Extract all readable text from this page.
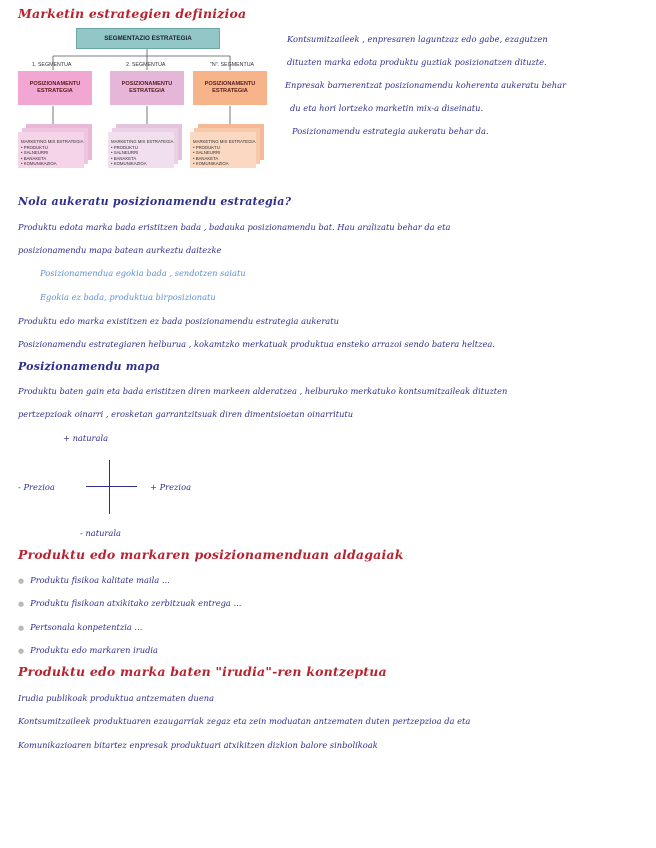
Marketin estrategien definizioa
SEGMENTAZIO ESTRATEGIA
1. SEGMENTUA	2. SEGMENTUA	"N". SEGMENTUA
POSIZIONAMENTU ESTRATEGIA
POSIZIONAMENTU ESTRATEGIA
POSIZIONAMENTU ESTRATEGIA
MARKETING MIX ESTRATEGIA
• PRODUKTU
• SALNEURRI
• BANAKETA
• KOMUNIKAZIOA
MARKETING MIX ESTRATEGIA
• PRODUKTU
• SALNEURRI
• BANAKETA
• KOMUNIKAZIOA
MARKETING MIX ESTRATEGIA
• PRODUKTU
• SALNEURRI
• BANAKETA
• KOMUNIKAZIOA
Kontsumitzaileek , enpresaren laguntzaz edo gabe, ezagutzen
dituzten marka edota produktu guztiak posizionatzen dituzte.
Enpresak barnerentzat posizionamendu koherenta aukeratu behar
du eta hori lortzeko marketin mix-a diseinatu.
Posizionamendu estrategia aukeratu behar da.
Nola aukeratu posizionamendu estrategia?
Produktu edota marka bada eristitzen bada , badauka posizionamendu bat. Hau aralizatu behar da eta
posizionamendu mapa batean aurkeztu daitezke
Posizionamendua egokia bada , sendotzen saiatu
Egokia ez bada, produktua birposizionatu
Produktu edo marka existitzen ez bada posizionamendu estrategia aukeratu
Posizionamendu estrategiaren helburua , kokamtzko merkatuak produktua ensteko arrazoi sendo batera heltzea.
Posizionamendu mapa
Produktu baten gain eta bada eristitzen diren markeen alderatzea , helburuko merkatuko kontsumitzaileak dituzten
pertzepzioak oinarri , erosketan garrantzitsuak diren dimentsioetan oinarritutu
+ naturala
- Prezioa	+ Prezioa
- naturala
Produktu edo markaren posizionamenduan aldagaiak
● Produktu fisikoa kalitate maila ...
● Produktu fisikoan atxikitako zerbitzuak entrega ...
● Pertsonala konpetentzia ...
● Produktu edo markaren irudia
Produktu edo marka baten "irudia"-ren kontzeptua
Irudia publikoak produktua antzematen duena
Kontsumitzaileek produktuaren ezaugarriak zegaz eta zein moduatan antzematen duten pertzepzioa da eta
Komunikazioaren bitartez enpresak produktuari atxikitzen dizkion balore sinbolikoak
